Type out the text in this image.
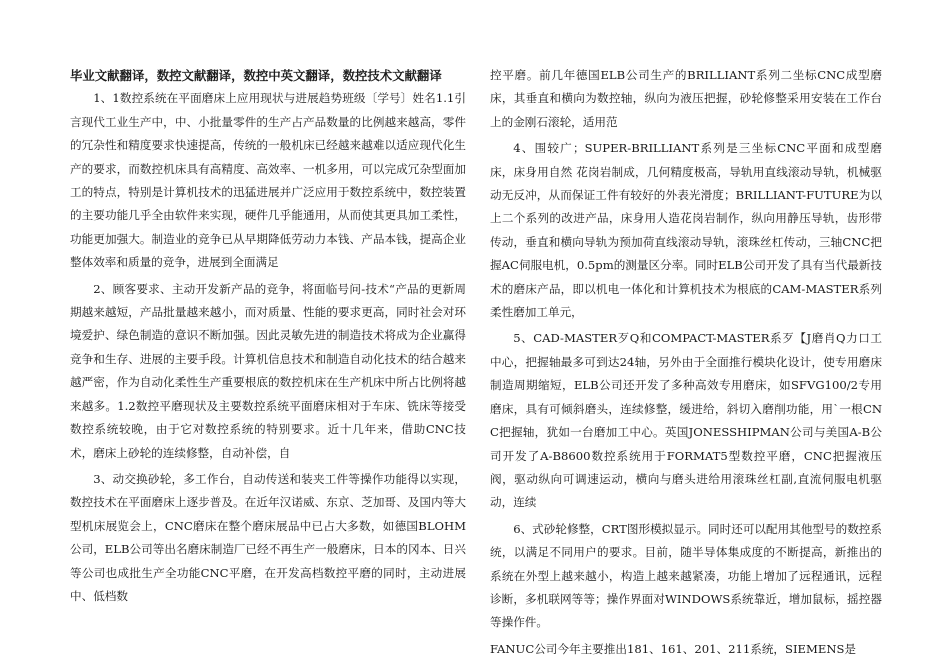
毕业文献翻译，数控文献翻译，数控中英文翻译，数控技术文献翻译

1、1数控系统在平面磨床上应用现状与进展趋势班级〔学号〕姓名1.1引言现代工业生产中，中、小批量零件的生产占产品数量的比例越来越高，零件的冗杂性和精度要求快速提高，传统的一般机床已经越来越难以适应现代化生产的要求，而数控机床具有高精度、高效率、一机多用，可以完成冗杂型面加工的特点，特别是计算机技术的迅猛进展并广泛应用于数控系统中，数控装置的主要功能几乎全由软件来实现，硬件几乎能通用，从而使其更具加工柔性，功能更加强大。制造业的竞争已从早期降低劳动力本钱、产品本钱，提高企业整体效率和质量的竞争，进展到全面满足

2、顾客要求、主动开发新产品的竞争，将面临号问-技术“产品的更新周期越来越短，产品批量越来越小，而对质量、性能的要求更高，同时社会对环境爱护、绿色制造的意识不断加强。因此灵敏先进的制造技术将成为企业赢得竞争和生存、进展的主要手段。计算机信息技术和制造自动化技术的结合越来越严密，作为自动化柔性生产重要根底的数控机床在生产机床中所占比例将越来越多。1.2数控平磨现状及主要数控系统平面磨床相对于车床、铣床等接受数控系统较晚，由于它对数控系统的特别要求。近十几年来，借助CNC技术，磨床上砂轮的连续修整，自动补偿，自

3、动交换砂轮，多工作台，自动传送和装夹工件等操作功能得以实现，数控技术在平面磨床上逐步普及。在近年汉诺威、东京、芝加哥、及国内等大型机床展览会上，CNC磨床在整个磨床展品中已占大多数，如德国BLOHM公司，ELB公司等出名磨床制造厂已经不再生产一般磨床，日本的冈本、日兴等公司也成批生产全功能CNC平磨，在开发高档数控平磨的同时，主动进展中、低档数

控平磨。前几年德国ELB公司生产的BRILLIANT系列二坐标CNC成型磨床，其垂直和横向为数控轴，纵向为液压把握，砂轮修整采用安装在工作台上的金刚石滚轮，适用范

4、围较广；SUPER-BRILLIANT系列是三坐标CNC平面和成型磨床，床身用自然 花岗岩制成，几何精度极高，导轨用直线滚动导轨，机械驱动无反冲，从而保证工件有较好的外表光滑度；BRILLIANT-FUTURE为以上二个系列的改进产品，床身用人造花岗岩制作，纵向用静压导轨，齿形带传动，垂直和横向导轨为预加荷直线滚动导轨，滚珠丝杠传动，三轴CNC把握AC伺服电机，0.5pm的测量区分率。同时ELB公司开发了具有当代最新技术的磨床产品，即以机电一体化和计算机技术为根底的CAM-MASTER系列柔性磨加工单元，

5、CAD-MASTER歹Q和COMPACT-MASTER系歹【J磨肖Q力口工中心，把握轴最多可到达24轴，另外由于全面推行模块化设计，使专用磨床制造周期缩短，ELB公司还开发了多种高效专用磨床，如SFVG100/2专用磨床，具有可倾斜磨头，连续修整，缓进给，斜切入磨削功能，用`一根CNC把握轴，犹如一台磨加工中心。英国JONESSHIPMAN公司与美国A-B公司开发了A-B8600数控系统用于FORMAT5型数控平磨，CNC把握液压阀，驱动纵向可调速运动，横向与磨头进给用滚珠丝杠副,直流伺服电机驱动，连续

6、式砂轮修整，CRT图形模拟显示。同时还可以配用其他型号的数控系统，以满足不同用户的要求。目前，随半导体集成度的不断提高，新推出的系统在外型上越来越小，构造上越来越紧凑，功能上增加了远程通讯，远程诊断，多机联网等等；操作界面对WINDOWS系统靠近，增加鼠标，摇控器等操作件。

FANUC公司今年主要推出181、161、201、211系统，SIEMENS是
